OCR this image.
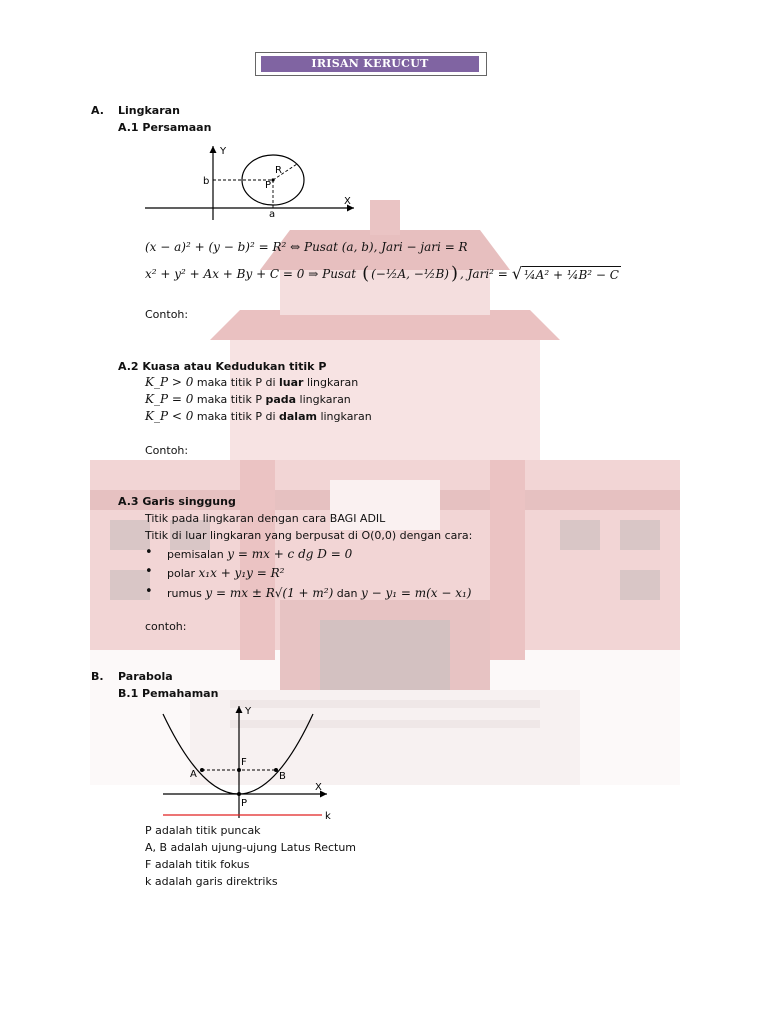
IRISAN KERUCUT
A. Lingkaran
A.1 Persamaan
Y
X
b
a
P
R
(x − a)² + (y − b)² = R² ⇔ Pusat (a, b), Jari − jari = R
x² + y² + Ax + By + C = 0 ⇒ Pusat ( (−½A, −½B) ) , Jari² = √ ¼A² + ¼B² − C
Contoh:
A.2 Kuasa atau Kedudukan titik P
K_P > 0 maka titik P di luar lingkaran
K_P = 0 maka titik P pada lingkaran
K_P < 0 maka titik P di dalam lingkaran
Contoh:
A.3 Garis singgung
Titik pada lingkaran dengan cara BAGI ADIL
Titik di luar lingkaran yang berpusat di O(0,0) dengan cara:
• pemisalan y = mx + c dg D = 0
• polar x₁x + y₁y = R²
• rumus y = mx ± R√(1 + m²) dan y − y₁ = m(x − x₁)
contoh:
B. Parabola
B.1 Pemahaman
Y
X
A	B
F
P
k
P adalah titik puncak
A, B adalah ujung-ujung Latus Rectum
F adalah titik fokus
k adalah garis direktriks
